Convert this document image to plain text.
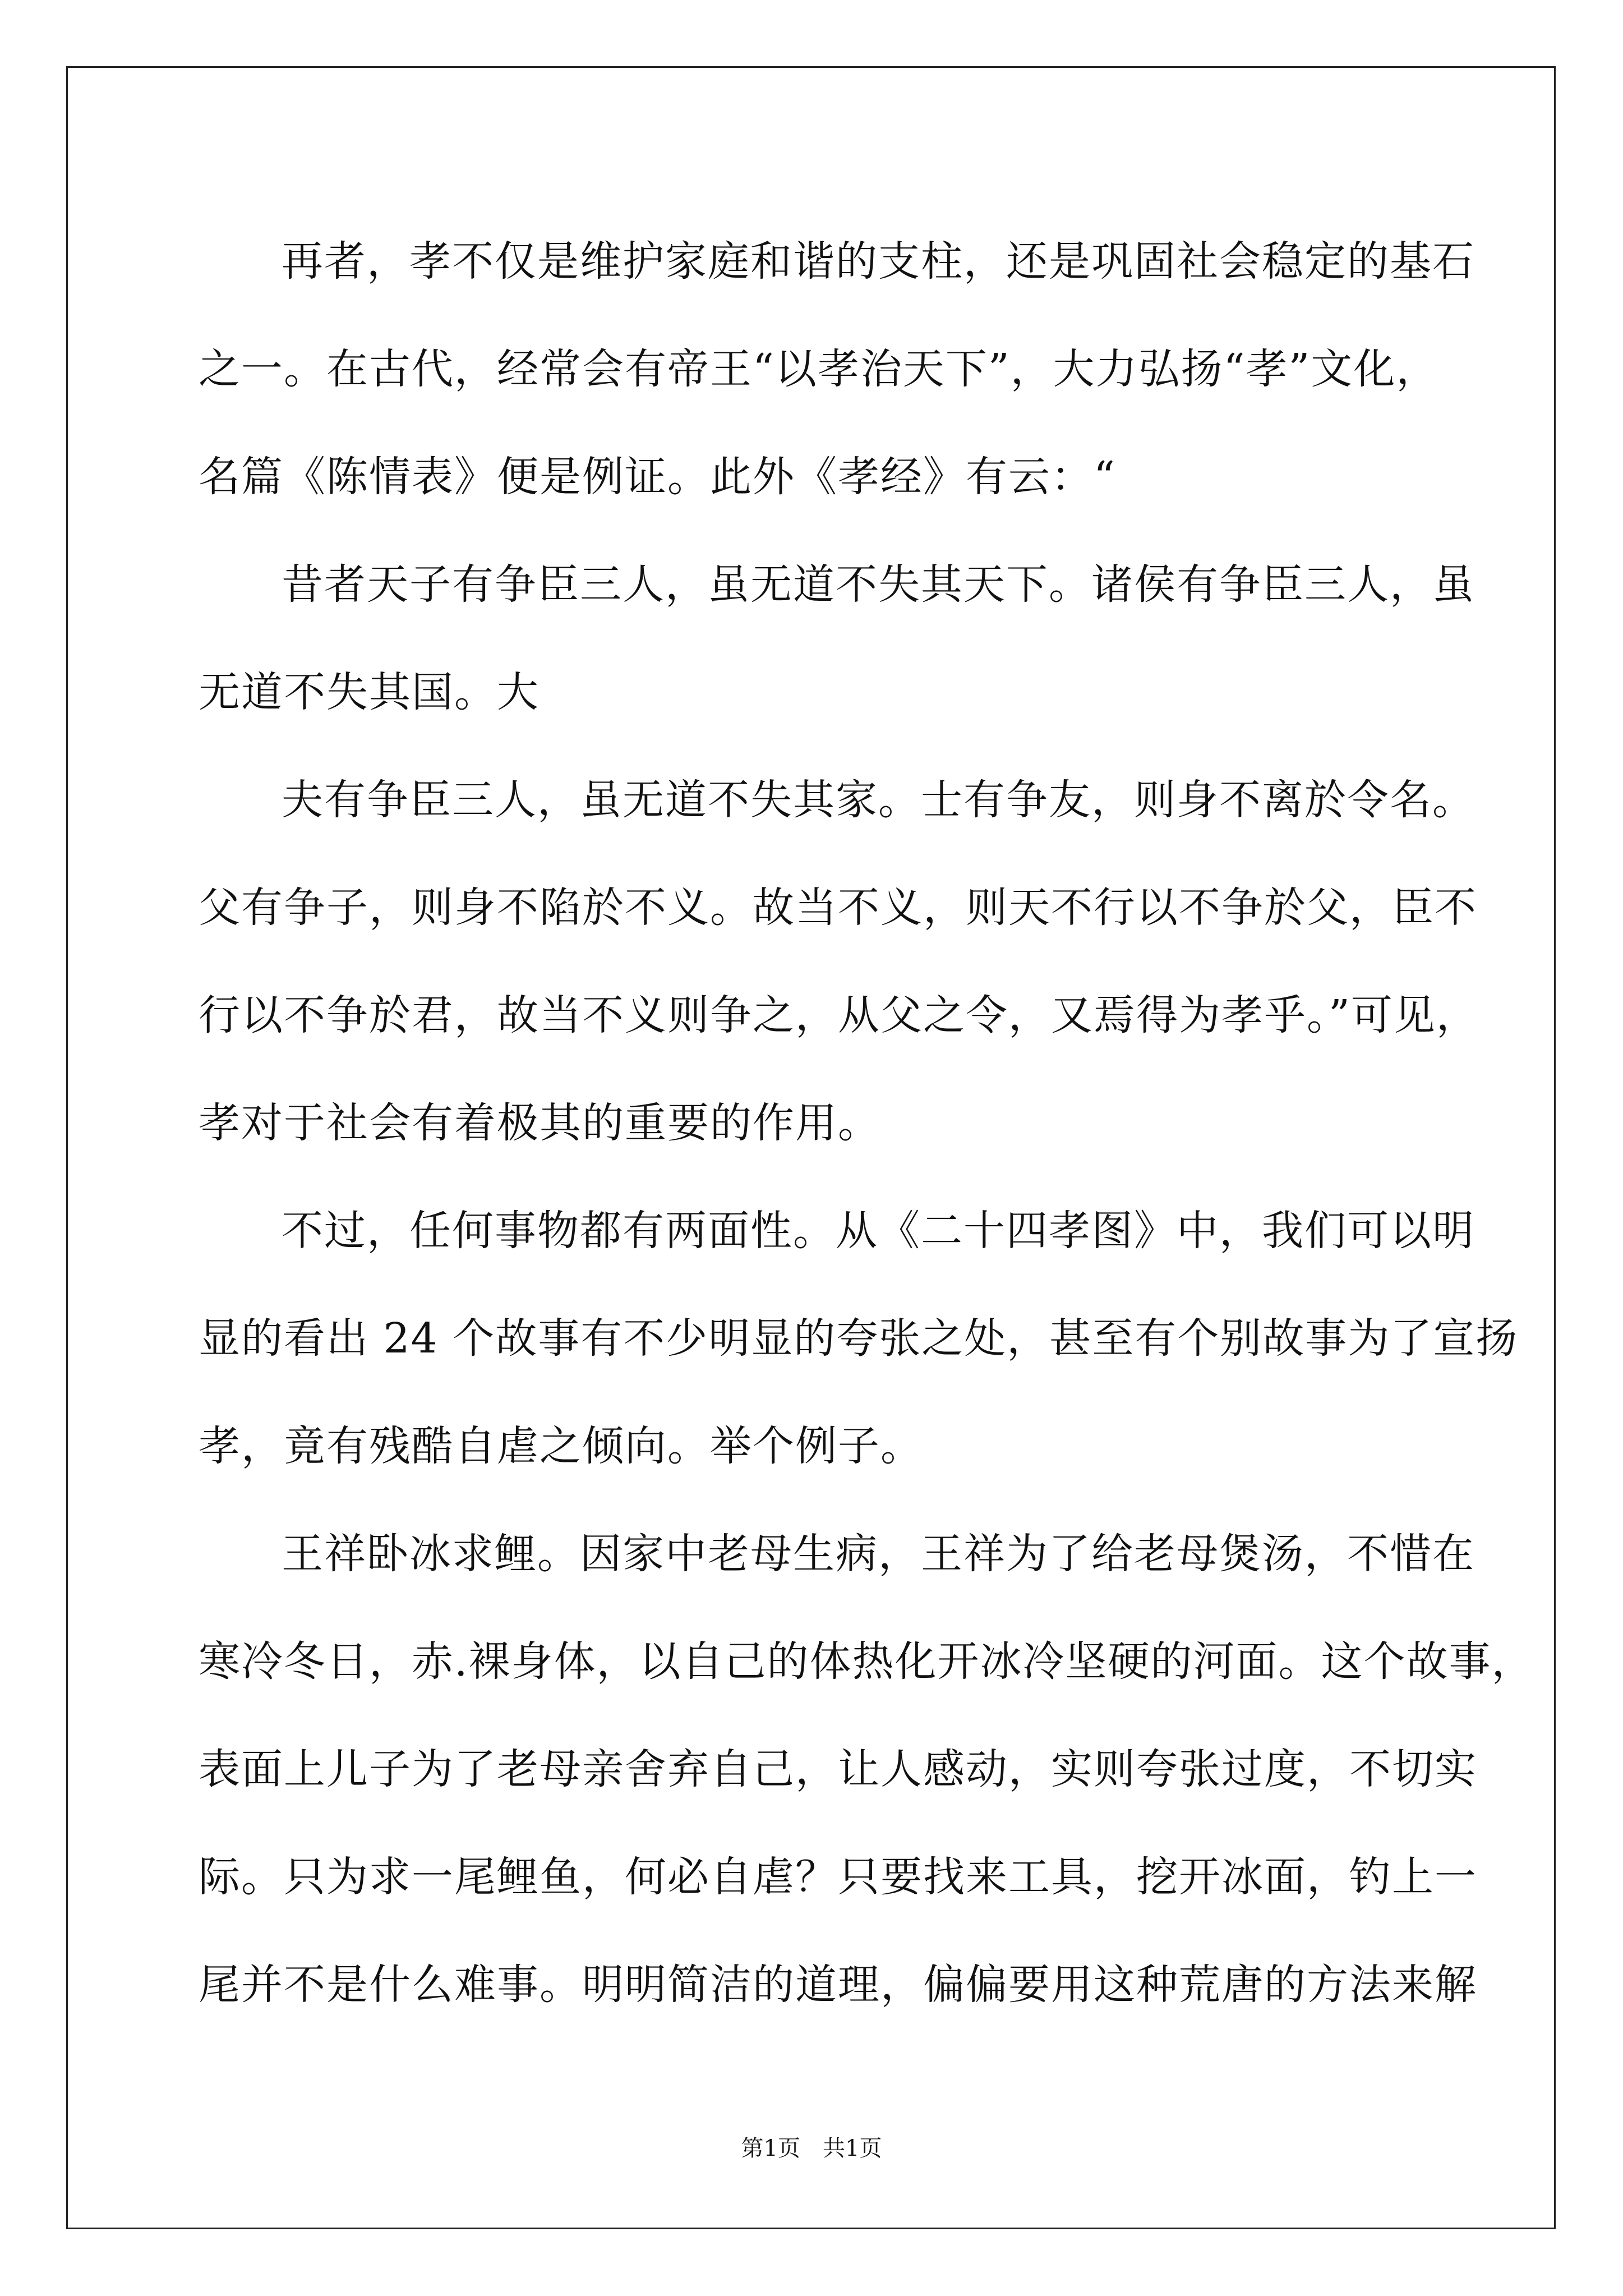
再者，孝不仅是维护家庭和谐的支柱，还是巩固社会稳定的基石
之一。在古代，经常会有帝王“以孝治天下”，大力弘扬“孝”文化，
名篇《陈情表》便是例证。此外《孝经》有云：“
昔者天子有争臣三人，虽无道不失其天下。诸侯有争臣三人，虽
无道不失其国。大
夫有争臣三人，虽无道不失其家。士有争友，则身不离於令名。
父有争子，则身不陷於不义。故当不义，则天不行以不争於父，臣不
行以不争於君，故当不义则争之，从父之令，又焉得为孝乎。”可见，
孝对于社会有着极其的重要的作用。
不过，任何事物都有两面性。从《二十四孝图》中，我们可以明
显的看出 24 个故事有不少明显的夸张之处，甚至有个别故事为了宣扬
孝，竟有残酷自虐之倾向。举个例子。
王祥卧冰求鲤。因家中老母生病，王祥为了给老母煲汤，不惜在
寒冷冬日，赤.裸身体，以自己的体热化开冰冷坚硬的河面。这个故事，
表面上儿子为了老母亲舍弃自己，让人感动，实则夸张过度，不切实
际。只为求一尾鲤鱼，何必自虐？只要找来工具，挖开冰面，钓上一
尾并不是什么难事。明明简洁的道理，偏偏要用这种荒唐的方法来解
第1页 共1页
